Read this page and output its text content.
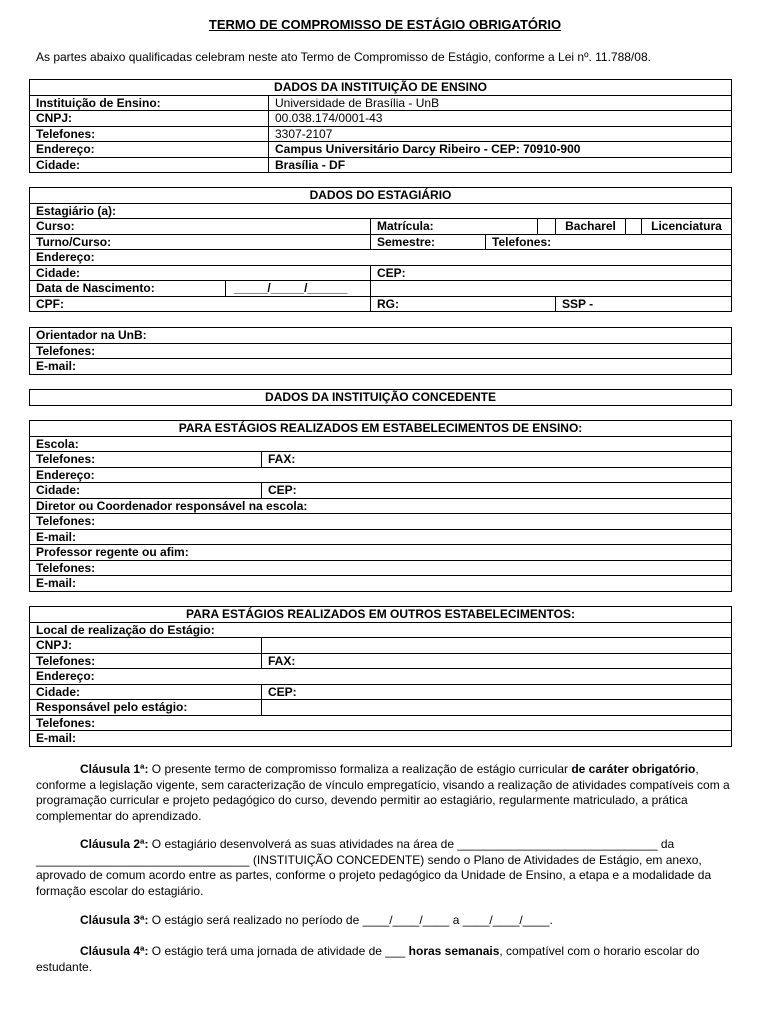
TERMO DE COMPROMISSO DE ESTÁGIO OBRIGATÓRIO
As partes abaixo qualificadas celebram neste ato Termo de Compromisso de Estágio, conforme a Lei nº. 11.788/08.
DADOS DA INSTITUIÇÃO DE ENSINO	
Instituição de Ensino:	Universidade de Brasília - UnB
CNPJ:	00.038.174/0001-43
Telefones:	3307-2107
Endereço:	Campus Universitário Darcy Ribeiro - CEP: 70910-900
Cidade:	Brasília - DF
DADOS DO ESTAGIÁRIO							
Estagiário (a):							
Curso:		Matrícula:			Bacharel		Licenciatura
Turno/Curso:		Semestre:	Telefones:				
Endereço:							
Cidade:		CEP:					
Data de Nascimento:	_____/_____/______						
CPF:		RG:			SSP -		
Orientador na UnB:
Telefones:
E-mail:
DADOS DA INSTITUIÇÃO CONCEDENTE
PARA ESTÁGIOS REALIZADOS EM ESTABELECIMENTOS DE ENSINO:	
Escola:	
Telefones:	FAX:
Endereço:	
Cidade:	CEP:
Diretor ou Coordenador responsável na escola:	
Telefones:	
E-mail:	
Professor regente ou afim:	
Telefones:	
E-mail:	
PARA ESTÁGIOS REALIZADOS EM OUTROS ESTABELECIMENTOS:	
Local de realização do Estágio:	
CNPJ:	
Telefones:	FAX:
Endereço:	
Cidade:	CEP:
Responsável pelo estágio:	
Telefones:	
E-mail:	

Cláusula 1ª: O presente termo de compromisso formaliza a realização de estágio curricular de caráter obrigatório, conforme a legislação vigente, sem caracterização de vínculo empregatício, visando a realização de atividades compatíveis com a programação curricular e projeto pedagógico do curso, devendo permitir ao estagiário, regularmente matriculado, a prática complementar do aprendizado.

Cláusula 2ª: O estagiário desenvolverá as suas atividades na área de ______________________________ da ________________________________ (INSTITUIÇÃO CONCEDENTE) sendo o Plano de Atividades de Estágio, em anexo, aprovado de comum acordo entre as partes, conforme o projeto pedagógico da Unidade de Ensino, a etapa e a modalidade da formação escolar do estagiário.

Cláusula 3ª: O estágio será realizado no período de ____/____/____ a ____/____/____.

Cláusula 4ª: O estágio terá uma jornada de atividade de ___ horas semanais, compatível com o horario escolar do estudante.
